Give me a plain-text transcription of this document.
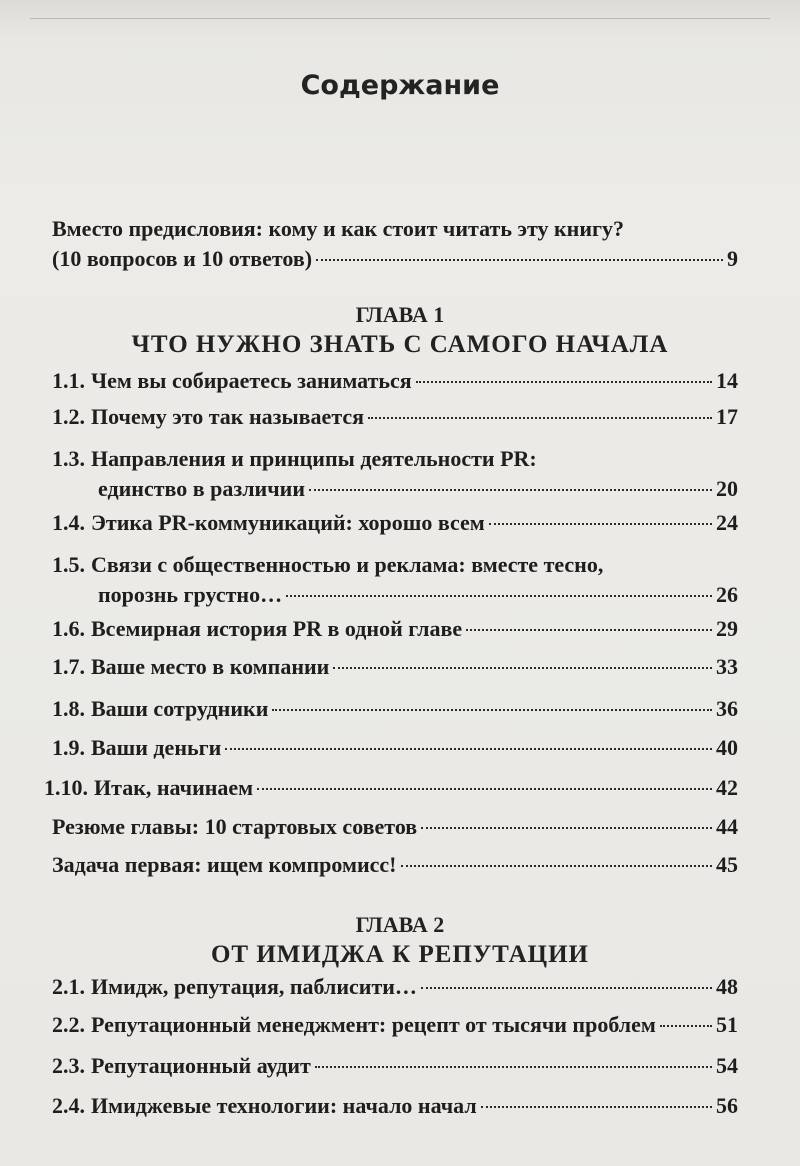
Содержание
Вместо предисловия: кому и как стоит читать эту книгу?
(10 вопросов и 10 ответов)	9
ГЛАВА 1
ЧТО НУЖНО ЗНАТЬ С САМОГО НАЧАЛА
1.1. Чем вы собираетесь заниматься	14
1.2. Почему это так называется	17
1.3. Направления и принципы деятельности PR:
единство в различии	20
1.4. Этика PR-коммуникаций: хорошо всем	24
1.5. Связи с общественностью и реклама: вместе тесно,
порознь грустно…	26
1.6. Всемирная история PR в одной главе	29
1.7. Ваше место в компании	33
1.8. Ваши сотрудники	36
1.9. Ваши деньги	40
1.10. Итак, начинаем	42
Резюме главы: 10 стартовых советов	44
Задача первая: ищем компромисс!	45
ГЛАВА 2
ОТ ИМИДЖА К РЕПУТАЦИИ
2.1. Имидж, репутация, паблисити…	48
2.2. Репутационный менеджмент: рецепт от тысячи проблем	51
2.3. Репутационный аудит	54
2.4. Имиджевые технологии: начало начал	56
